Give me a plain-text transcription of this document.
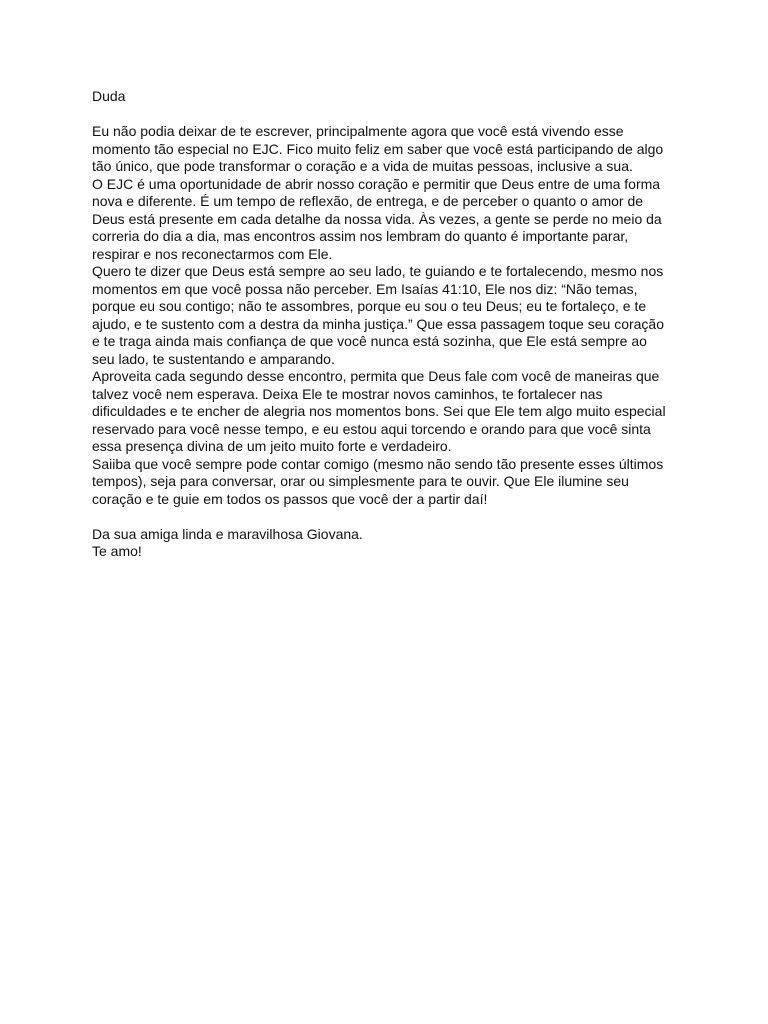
Duda
Eu não podia deixar de te escrever, principalmente agora que você está vivendo esse
momento tão especial no EJC. Fico muito feliz em saber que você está participando de algo
tão único, que pode transformar o coração e a vida de muitas pessoas, inclusive a sua.
O EJC é uma oportunidade de abrir nosso coração e permitir que Deus entre de uma forma
nova e diferente. É um tempo de reflexão, de entrega, e de perceber o quanto o amor de
Deus está presente em cada detalhe da nossa vida. Às vezes, a gente se perde no meio da
correria do dia a dia, mas encontros assim nos lembram do quanto é importante parar,
respirar e nos reconectarmos com Ele.
Quero te dizer que Deus está sempre ao seu lado, te guiando e te fortalecendo, mesmo nos
momentos em que você possa não perceber. Em Isaías 41:10, Ele nos diz: “Não temas,
porque eu sou contigo; não te assombres, porque eu sou o teu Deus; eu te fortaleço, e te
ajudo, e te sustento com a destra da minha justiça.” Que essa passagem toque seu coração
e te traga ainda mais confiança de que você nunca está sozinha, que Ele está sempre ao
seu lado, te sustentando e amparando.
Aproveita cada segundo desse encontro, permita que Deus fale com você de maneiras que
talvez você nem esperava. Deixa Ele te mostrar novos caminhos, te fortalecer nas
dificuldades e te encher de alegria nos momentos bons. Sei que Ele tem algo muito especial
reservado para você nesse tempo, e eu estou aqui torcendo e orando para que você sinta
essa presença divina de um jeito muito forte e verdadeiro.
Saiiba que você sempre pode contar comigo (mesmo não sendo tão presente esses últimos
tempos), seja para conversar, orar ou simplesmente para te ouvir. Que Ele ilumine seu
coração e te guie em todos os passos que você der a partir daí!
Da sua amiga linda e maravilhosa Giovana.
Te amo!
